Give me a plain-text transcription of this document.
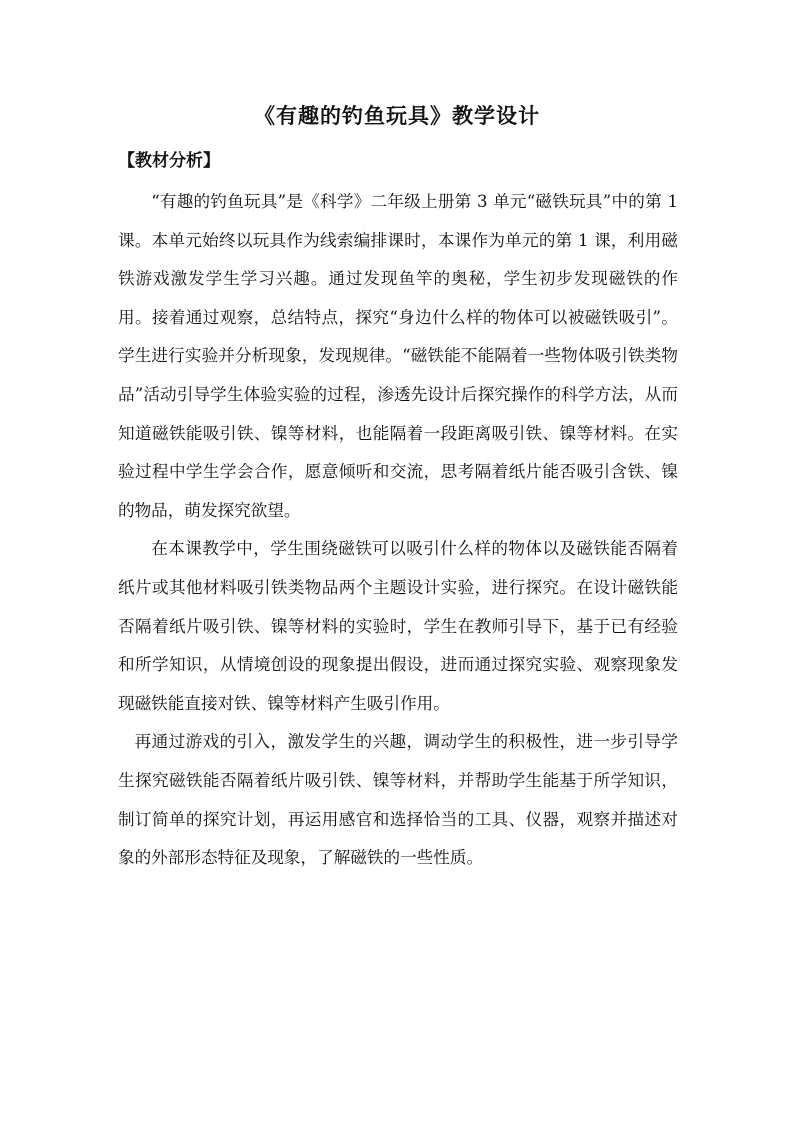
《有趣的钓鱼玩具》教学设计
【教材分析】

“有趣的钓鱼玩具”是《科学》二年级上册第 3 单元“磁铁玩具”中的第 1 课。本单元始终以玩具作为线索编排课时，本课作为单元的第 1 课，利用磁铁游戏激发学生学习兴趣。通过发现鱼竿的奥秘，学生初步发现磁铁的作用。接着通过观察，总结特点，探究“身边什么样的物体可以被磁铁吸引”。学生进行实验并分析现象，发现规律。“磁铁能不能隔着一些物体吸引铁类物品”活动引导学生体验实验的过程，渗透先设计后探究操作的科学方法，从而知道磁铁能吸引铁、镍等材料，也能隔着一段距离吸引铁、镍等材料。在实验过程中学生学会合作，愿意倾听和交流，思考隔着纸片能否吸引含铁、镍的物品，萌发探究欲望。

在本课教学中，学生围绕磁铁可以吸引什么样的物体以及磁铁能否隔着纸片或其他材料吸引铁类物品两个主题设计实验，进行探究。在设计磁铁能否隔着纸片吸引铁、镍等材料的实验时，学生在教师引导下，基于已有经验和所学知识，从情境创设的现象提出假设，进而通过探究实验、观察现象发现磁铁能直接对铁、镍等材料产生吸引作用。

再通过游戏的引入，激发学生的兴趣，调动学生的积极性，进一步引导学生探究磁铁能否隔着纸片吸引铁、镍等材料，并帮助学生能基于所学知识，制订简单的探究计划，再运用感官和选择恰当的工具、仪器，观察并描述对象的外部形态特征及现象，了解磁铁的一些性质。
